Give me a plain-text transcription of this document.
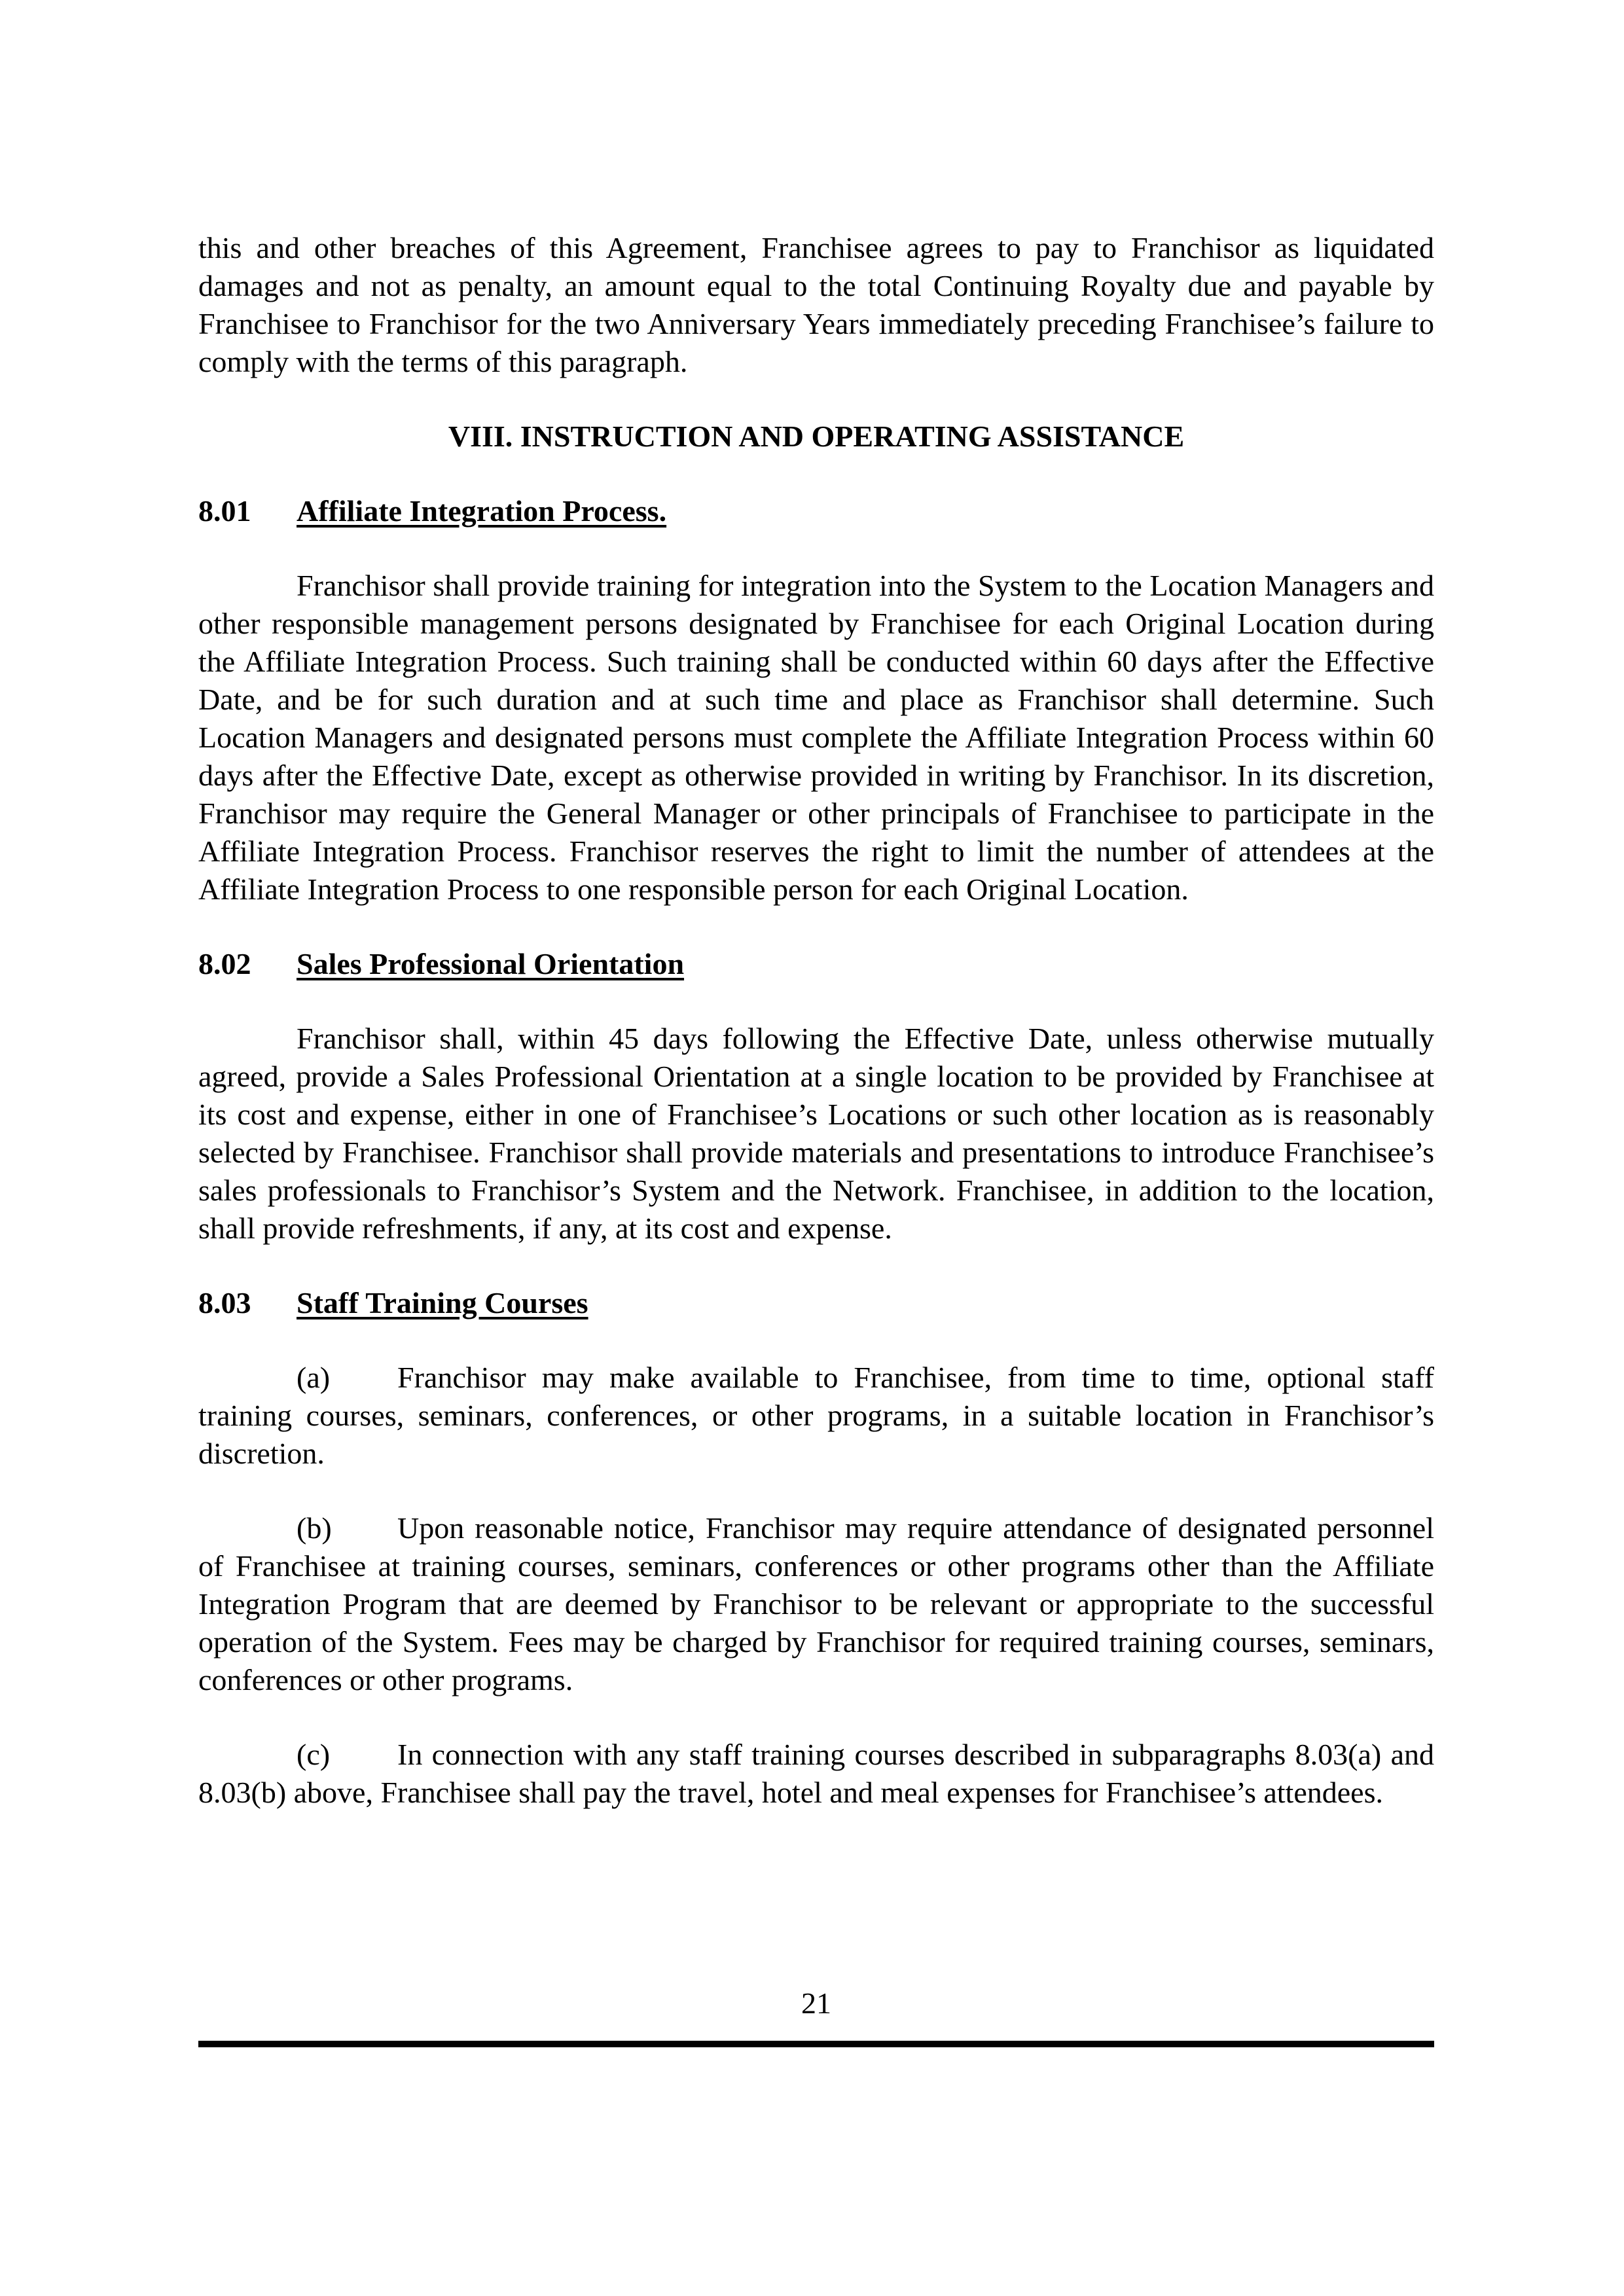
this and other breaches of this Agreement, Franchisee agrees to pay to Franchisor as liquidated damages and not as penalty, an amount equal to the total Continuing Royalty due and payable by Franchisee to Franchisor for the two Anniversary Years immediately preceding Franchisee’s failure to comply with the terms of this paragraph.

VIII. INSTRUCTION AND OPERATING ASSISTANCE

8.01 Affiliate Integration Process.

Franchisor shall provide training for integration into the System to the Location Managers and other responsible management persons designated by Franchisee for each Original Location during the Affiliate Integration Process. Such training shall be conducted within 60 days after the Effective Date, and be for such duration and at such time and place as Franchisor shall determine. Such Location Managers and designated persons must complete the Affiliate Integration Process within 60 days after the Effective Date, except as otherwise provided in writing by Franchisor. In its discretion, Franchisor may require the General Manager or other principals of Franchisee to participate in the Affiliate Integration Process. Franchisor reserves the right to limit the number of attendees at the Affiliate Integration Process to one responsible person for each Original Location.

8.02 Sales Professional Orientation

Franchisor shall, within 45 days following the Effective Date, unless otherwise mutually agreed, provide a Sales Professional Orientation at a single location to be provided by Franchisee at its cost and expense, either in one of Franchisee’s Locations or such other location as is reasonably selected by Franchisee. Franchisor shall provide materials and presentations to introduce Franchisee’s sales professionals to Franchisor’s System and the Network. Franchisee, in addition to the location, shall provide refreshments, if any, at its cost and expense.

8.03 Staff Training Courses

(a) Franchisor may make available to Franchisee, from time to time, optional staff training courses, seminars, conferences, or other programs, in a suitable location in Franchisor’s discretion.

(b) Upon reasonable notice, Franchisor may require attendance of designated personnel of Franchisee at training courses, seminars, conferences or other programs other than the Affiliate Integration Program that are deemed by Franchisor to be relevant or appropriate to the successful operation of the System. Fees may be charged by Franchisor for required training courses, seminars, conferences or other programs.

(c) In connection with any staff training courses described in subparagraphs 8.03(a) and 8.03(b) above, Franchisee shall pay the travel, hotel and meal expenses for Franchisee’s attendees.

21
